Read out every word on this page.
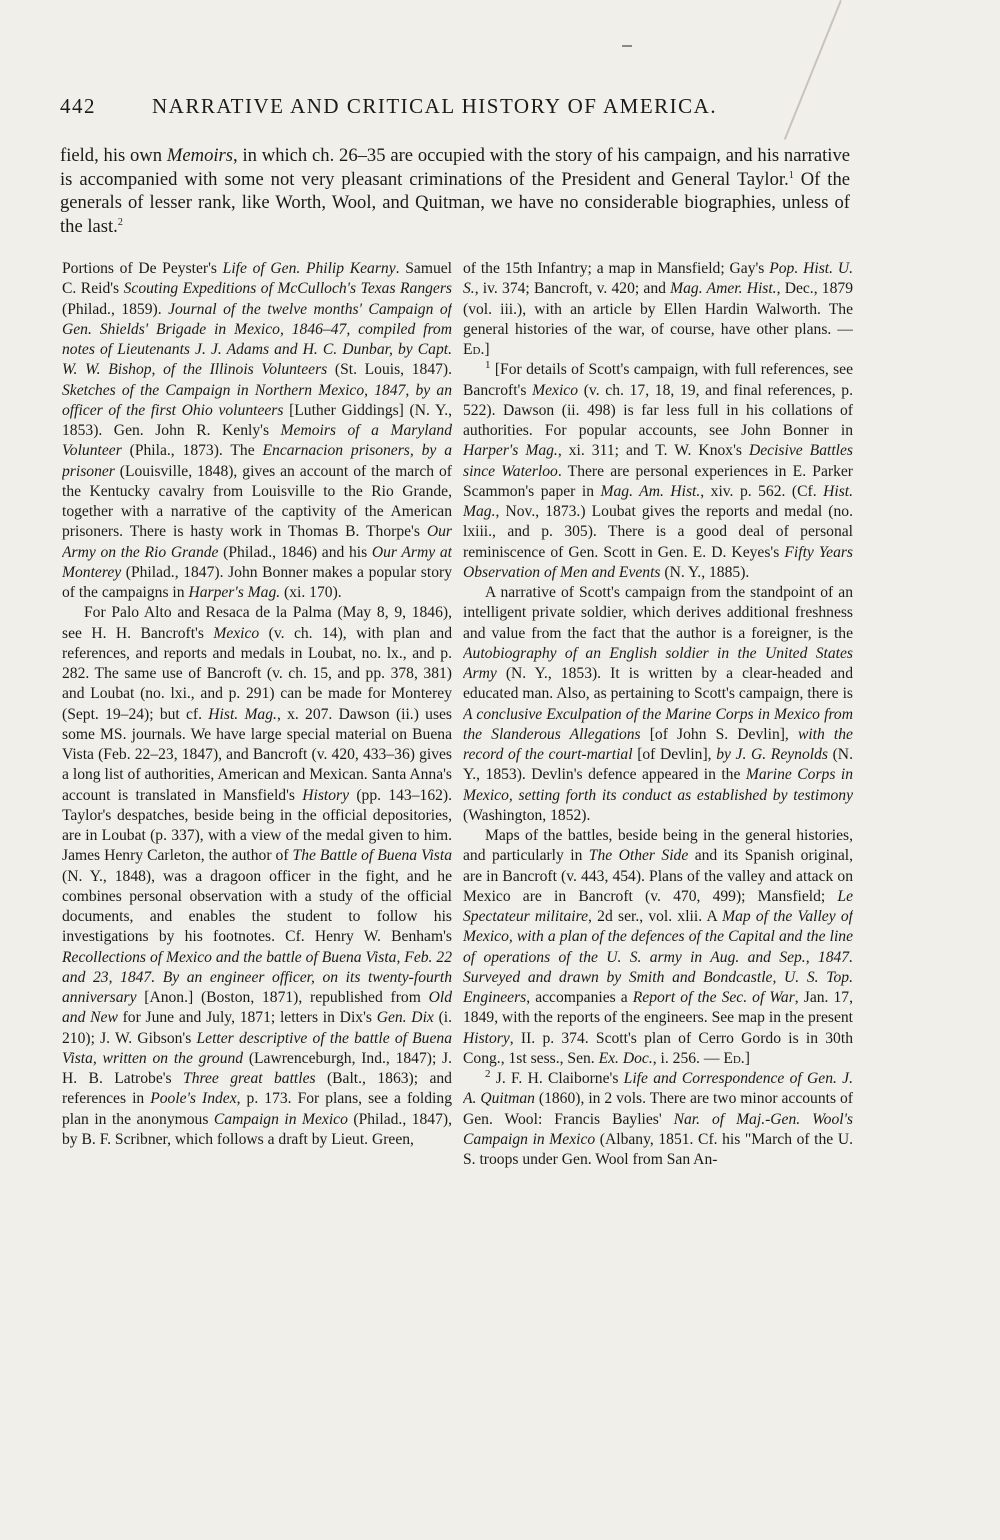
442	NARRATIVE AND CRITICAL HISTORY OF AMERICA.

field, his own Memoirs, in which ch. 26–35 are occupied with the story of his campaign, and his narrative is accompanied with some not very pleasant criminations of the President and General Taylor.$^1$ Of the generals of lesser rank, like Worth, Wool, and Quitman, we have no considerable biographies, unless of the last.$^2$

Portions of De Peyster's Life of Gen. Philip Kearny. Samuel C. Reid's Scouting Expeditions of McCulloch's Texas Rangers (Philad., 1859). Journal of the twelve months' Campaign of Gen. Shields' Brigade in Mexico, 1846–47, compiled from notes of Lieutenants J. J. Adams and H. C. Dunbar, by Capt. W. W. Bishop, of the Illinois Volunteers (St. Louis, 1847). Sketches of the Campaign in Northern Mexico, 1847, by an officer of the first Ohio volunteers [Luther Giddings] (N. Y., 1853). Gen. John R. Kenly's Memoirs of a Maryland Volunteer (Phila., 1873). The Encarnacion prisoners, by a prisoner (Louisville, 1848), gives an account of the march of the Kentucky cavalry from Louisville to the Rio Grande, together with a narrative of the captivity of the American prisoners. There is hasty work in Thomas B. Thorpe's Our Army on the Rio Grande (Philad., 1846) and his Our Army at Monterey (Philad., 1847). John Bonner makes a popular story of the campaigns in Harper's Mag. (xi. 170).

For Palo Alto and Resaca de la Palma (May 8, 9, 1846), see H. H. Bancroft's Mexico (v. ch. 14), with plan and references, and reports and medals in Loubat, no. lx., and p. 282. The same use of Bancroft (v. ch. 15, and pp. 378, 381) and Loubat (no. lxi., and p. 291) can be made for Monterey (Sept. 19–24); but cf. Hist. Mag., x. 207. Dawson (ii.) uses some MS. journals. We have large special material on Buena Vista (Feb. 22–23, 1847), and Bancroft (v. 420, 433–36) gives a long list of authorities, American and Mexican. Santa Anna's account is translated in Mansfield's History (pp. 143–162). Taylor's despatches, beside being in the official depositories, are in Loubat (p. 337), with a view of the medal given to him. James Henry Carleton, the author of The Battle of Buena Vista (N. Y., 1848), was a dragoon officer in the fight, and he combines personal observation with a study of the official documents, and enables the student to follow his investigations by his footnotes. Cf. Henry W. Benham's Recollections of Mexico and the battle of Buena Vista, Feb. 22 and 23, 1847. By an engineer officer, on its twenty-fourth anniversary [Anon.] (Boston, 1871), republished from Old and New for June and July, 1871; letters in Dix's Gen. Dix (i. 210); J. W. Gibson's Letter descriptive of the battle of Buena Vista, written on the ground (Lawrenceburgh, Ind., 1847); J. H. B. Latrobe's Three great battles (Balt., 1863); and references in Poole's Index, p. 173. For plans, see a folding plan in the anonymous Campaign in Mexico (Philad., 1847), by B. F. Scribner, which follows a draft by Lieut. Green,

of the 15th Infantry; a map in Mansfield; Gay's Pop. Hist. U. S., iv. 374; Bancroft, v. 420; and Mag. Amer. Hist., Dec., 1879 (vol. iii.), with an article by Ellen Hardin Walworth. The general histories of the war, of course, have other plans. — Ed.]

$^1$ [For details of Scott's campaign, with full references, see Bancroft's Mexico (v. ch. 17, 18, 19, and final references, p. 522). Dawson (ii. 498) is far less full in his collations of authorities. For popular accounts, see John Bonner in Harper's Mag., xi. 311; and T. W. Knox's Decisive Battles since Waterloo. There are personal experiences in E. Parker Scammon's paper in Mag. Am. Hist., xiv. p. 562. (Cf. Hist. Mag., Nov., 1873.) Loubat gives the reports and medal (no. lxiii., and p. 305). There is a good deal of personal reminiscence of Gen. Scott in Gen. E. D. Keyes's Fifty Years Observation of Men and Events (N. Y., 1885).

A narrative of Scott's campaign from the standpoint of an intelligent private soldier, which derives additional freshness and value from the fact that the author is a foreigner, is the Autobiography of an English soldier in the United States Army (N. Y., 1853). It is written by a clear-headed and educated man. Also, as pertaining to Scott's campaign, there is A conclusive Exculpation of the Marine Corps in Mexico from the Slanderous Allegations [of John S. Devlin], with the record of the court-martial [of Devlin], by J. G. Reynolds (N. Y., 1853). Devlin's defence appeared in the Marine Corps in Mexico, setting forth its conduct as established by testimony (Washington, 1852).

Maps of the battles, beside being in the general histories, and particularly in The Other Side and its Spanish original, are in Bancroft (v. 443, 454). Plans of the valley and attack on Mexico are in Bancroft (v. 470, 499); Mansfield; Le Spectateur militaire, 2d ser., vol. xlii. A Map of the Valley of Mexico, with a plan of the defences of the Capital and the line of operations of the U. S. army in Aug. and Sep., 1847. Surveyed and drawn by Smith and Bondcastle, U. S. Top. Engineers, accompanies a Report of the Sec. of War, Jan. 17, 1849, with the reports of the engineers. See map in the present History, II. p. 374. Scott's plan of Cerro Gordo is in 30th Cong., 1st sess., Sen. Ex. Doc., i. 256. — Ed.]

$^2$ J. F. H. Claiborne's Life and Correspondence of Gen. J. A. Quitman (1860), in 2 vols. There are two minor accounts of Gen. Wool: Francis Baylies' Nar. of Maj.-Gen. Wool's Campaign in Mexico (Albany, 1851. Cf. his "March of the U. S. troops under Gen. Wool from San An-
